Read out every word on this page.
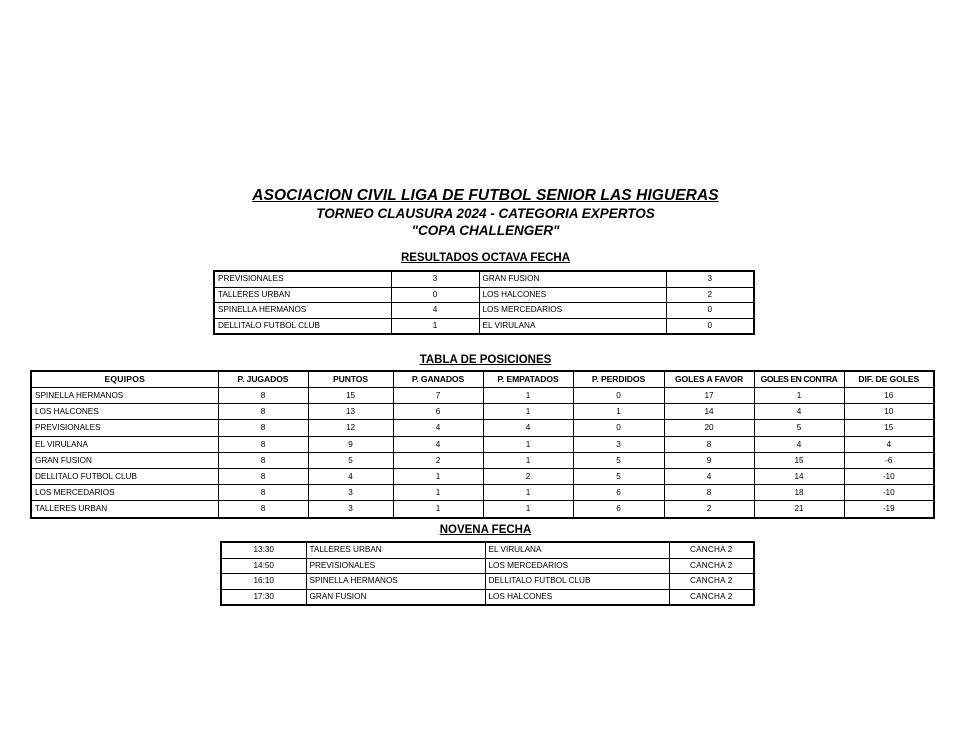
ASOCIACION CIVIL LIGA DE FUTBOL SENIOR LAS HIGUERAS
TORNEO CLAUSURA 2024 - CATEGORIA EXPERTOS
"COPA CHALLENGER"
RESULTADOS OCTAVA FECHA
PREVISIONALES	3	GRAN FUSION	3
TALLERES URBAN	0	LOS HALCONES	2
SPINELLA HERMANOS	4	LOS MERCEDARIOS	0
DELLITALO FUTBOL CLUB	1	EL VIRULANA	0
TABLA DE POSICIONES
EQUIPOS	P. JUGADOS	PUNTOS	P. GANADOS	P. EMPATADOS	P. PERDIDOS	GOLES A FAVOR	GOLES EN CONTRA	DIF. DE GOLES
SPINELLA HERMANOS	8	15	7	1	0	17	1	16
LOS HALCONES	8	13	6	1	1	14	4	10
PREVISIONALES	8	12	4	4	0	20	5	15
EL VIRULANA	8	9	4	1	3	8	4	4
GRAN FUSION	8	5	2	1	5	9	15	-6
DELLITALO FUTBOL CLUB	8	4	1	2	5	4	14	-10
LOS MERCEDARIOS	8	3	1	1	6	8	18	-10
TALLERES URBAN	8	3	1	1	6	2	21	-19
NOVENA FECHA
13:30	TALLERES URBAN	EL VIRULANA	CANCHA 2
14:50	PREVISIONALES	LOS MERCEDARIOS	CANCHA 2
16:10	SPINELLA HERMANOS	DELLITALO FUTBOL CLUB	CANCHA 2
17:30	GRAN FUSION	LOS HALCONES	CANCHA 2
